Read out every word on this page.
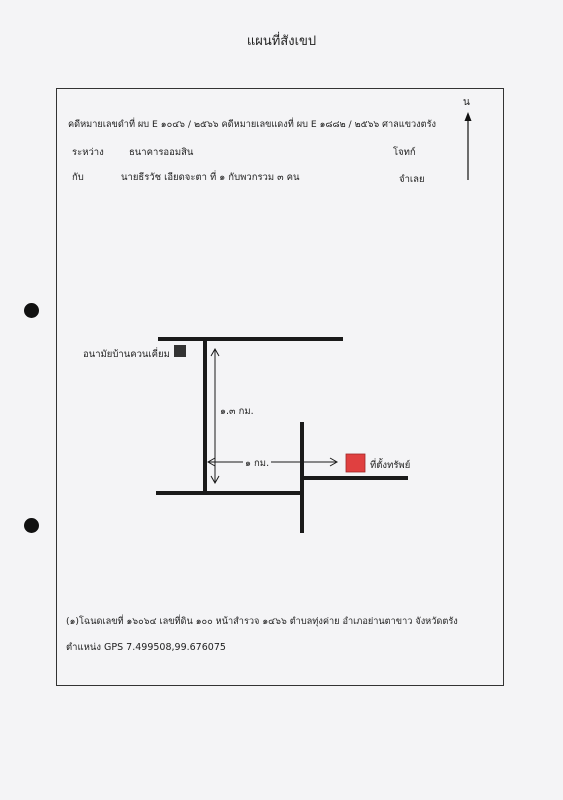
แผนที่สังเขป
คดีหมายเลขดำที่ ผบ E ๑๐๔๖ / ๒๕๖๖ คดีหมายเลขแดงที่ ผบ E ๑๘๘๒ / ๒๕๖๖ ศาลแขวงตรัง
น
ระหว่าง	ธนาคารออมสิน	โจทก์
กับ	นายธีรวัช เอียดจะตา ที่ ๑ กับพวกรวม ๓ คน	จำเลย
อนามัยบ้านควนเคี่ยม
๑.๓ กม.
๑ กม.	ที่ตั้งทรัพย์
(๑)โฉนดเลขที่ ๑๖๐๖๔ เลขที่ดิน ๑๐๐ หน้าสำรวจ ๑๔๖๖ ตำบลทุ่งค่าย อำเภอย่านตาขาว จังหวัดตรัง
ตำแหน่ง GPS 7.499508,99.676075
